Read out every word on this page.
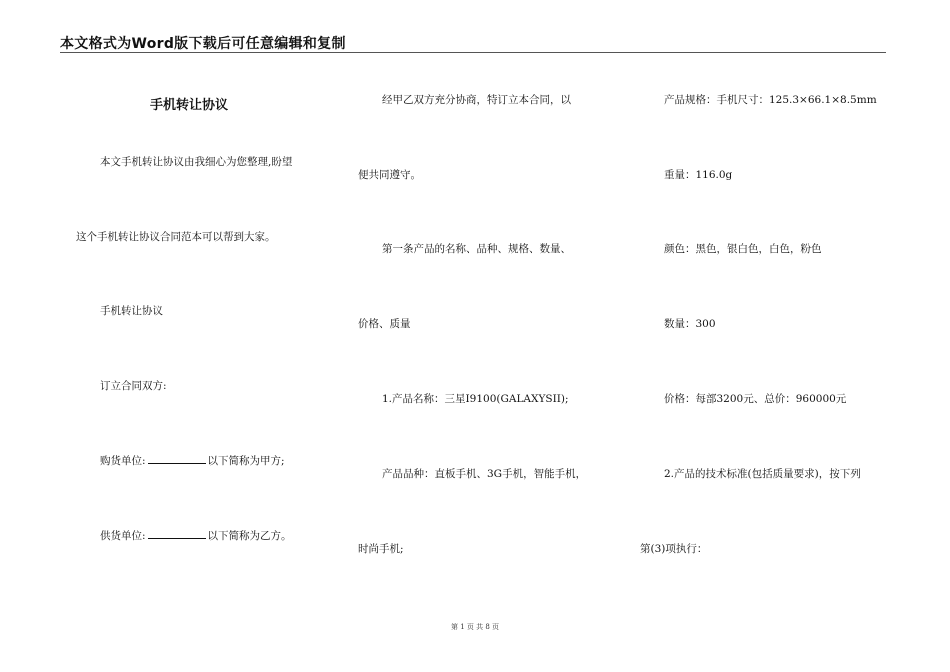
本文格式为Word版下载后可任意编辑和复制
手机转让协议
本文手机转让协议由我细心为您整理,盼望
这个手机转让协议合同范本可以帮到大家。
手机转让协议
订立合同双方:
购货单位:	以下简称为甲方;
供货单位:	以下简称为乙方。
经甲乙双方充分协商，特订立本合同，以
便共同遵守。
第一条产品的名称、品种、规格、数量、
价格、质量
1.产品名称：三星I9100(GALAXYSII);
产品品种：直板手机、3G手机，智能手机，
时尚手机;
产品规格：手机尺寸：125.3×66.1×8.5mm
重量：116.0g
颜色：黑色，银白色，白色，粉色
数量：300
价格：每部3200元、总价：960000元
2.产品的技术标准(包括质量要求)，按下列
第(3)项执行：
第 1 页 共 8 页
